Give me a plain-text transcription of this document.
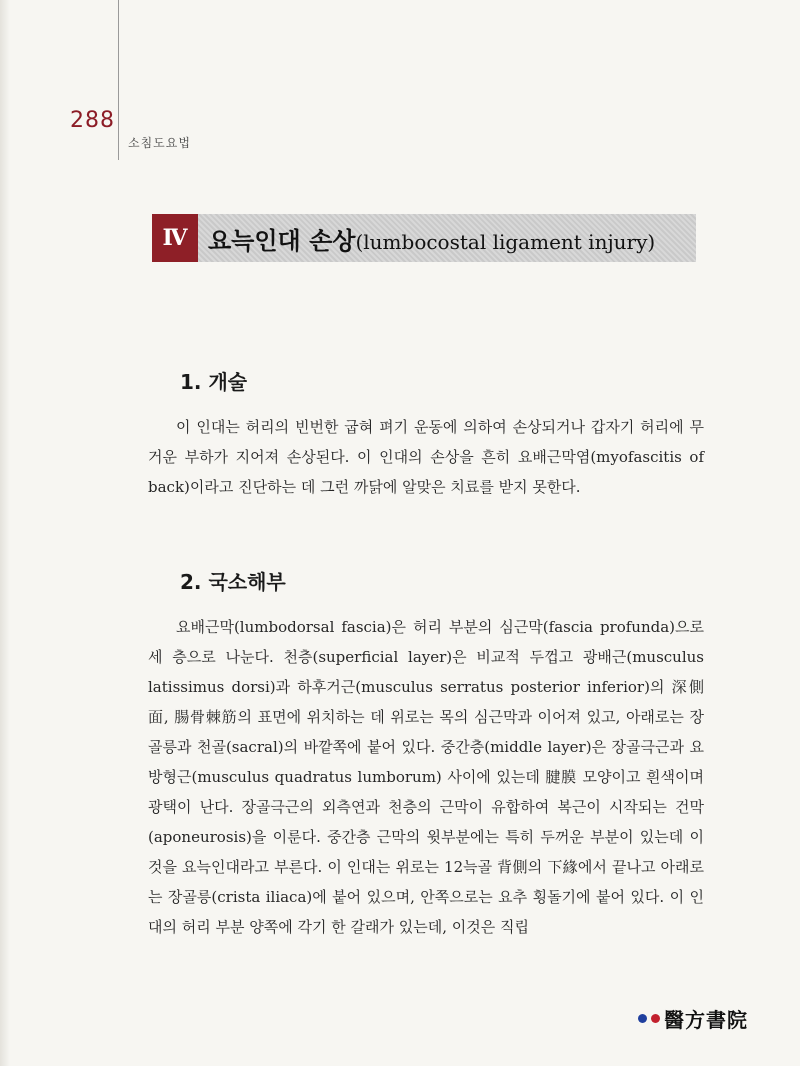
288
소침도요법
Ⅳ 요늑인대 손상(lumbocostal ligament injury)
1. 개술

이 인대는 허리의 빈번한 굽혀 펴기 운동에 의하여 손상되거나 갑자기 허리에 무거운 부하가 지어져 손상된다. 이 인대의 손상을 흔히 요배근막염(myofascitis of back)이라고 진단하는 데 그런 까닭에 알맞은 치료를 받지 못한다.

2. 국소해부

요배근막(lumbodorsal fascia)은 허리 부분의 심근막(fascia profunda)으로 세 층으로 나눈다. 천층(superficial layer)은 비교적 두껍고 광배근(musculus latissimus dorsi)과 하후거근(musculus serratus posterior inferior)의 深側面, 腸骨棘筋의 표면에 위치하는 데 위로는 목의 심근막과 이어져 있고, 아래로는 장골릉과 천골(sacral)의 바깥쪽에 붙어 있다. 중간층(middle layer)은 장골극근과 요방형근(musculus quadratus lumborum) 사이에 있는데 腱膜 모양이고 흰색이며 광택이 난다. 장골극근의 외측연과 천층의 근막이 유합하여 복근이 시작되는 건막(aponeurosis)을 이룬다. 중간층 근막의 윗부분에는 특히 두꺼운 부분이 있는데 이것을 요늑인대라고 부른다. 이 인대는 위로는 12늑골 背側의 下緣에서 끝나고 아래로는 장골릉(crista iliaca)에 붙어 있으며, 안쪽으로는 요추 횡돌기에 붙어 있다. 이 인대의 허리 부분 양쪽에 각기 한 갈래가 있는데, 이것은 직립

醫方書院
